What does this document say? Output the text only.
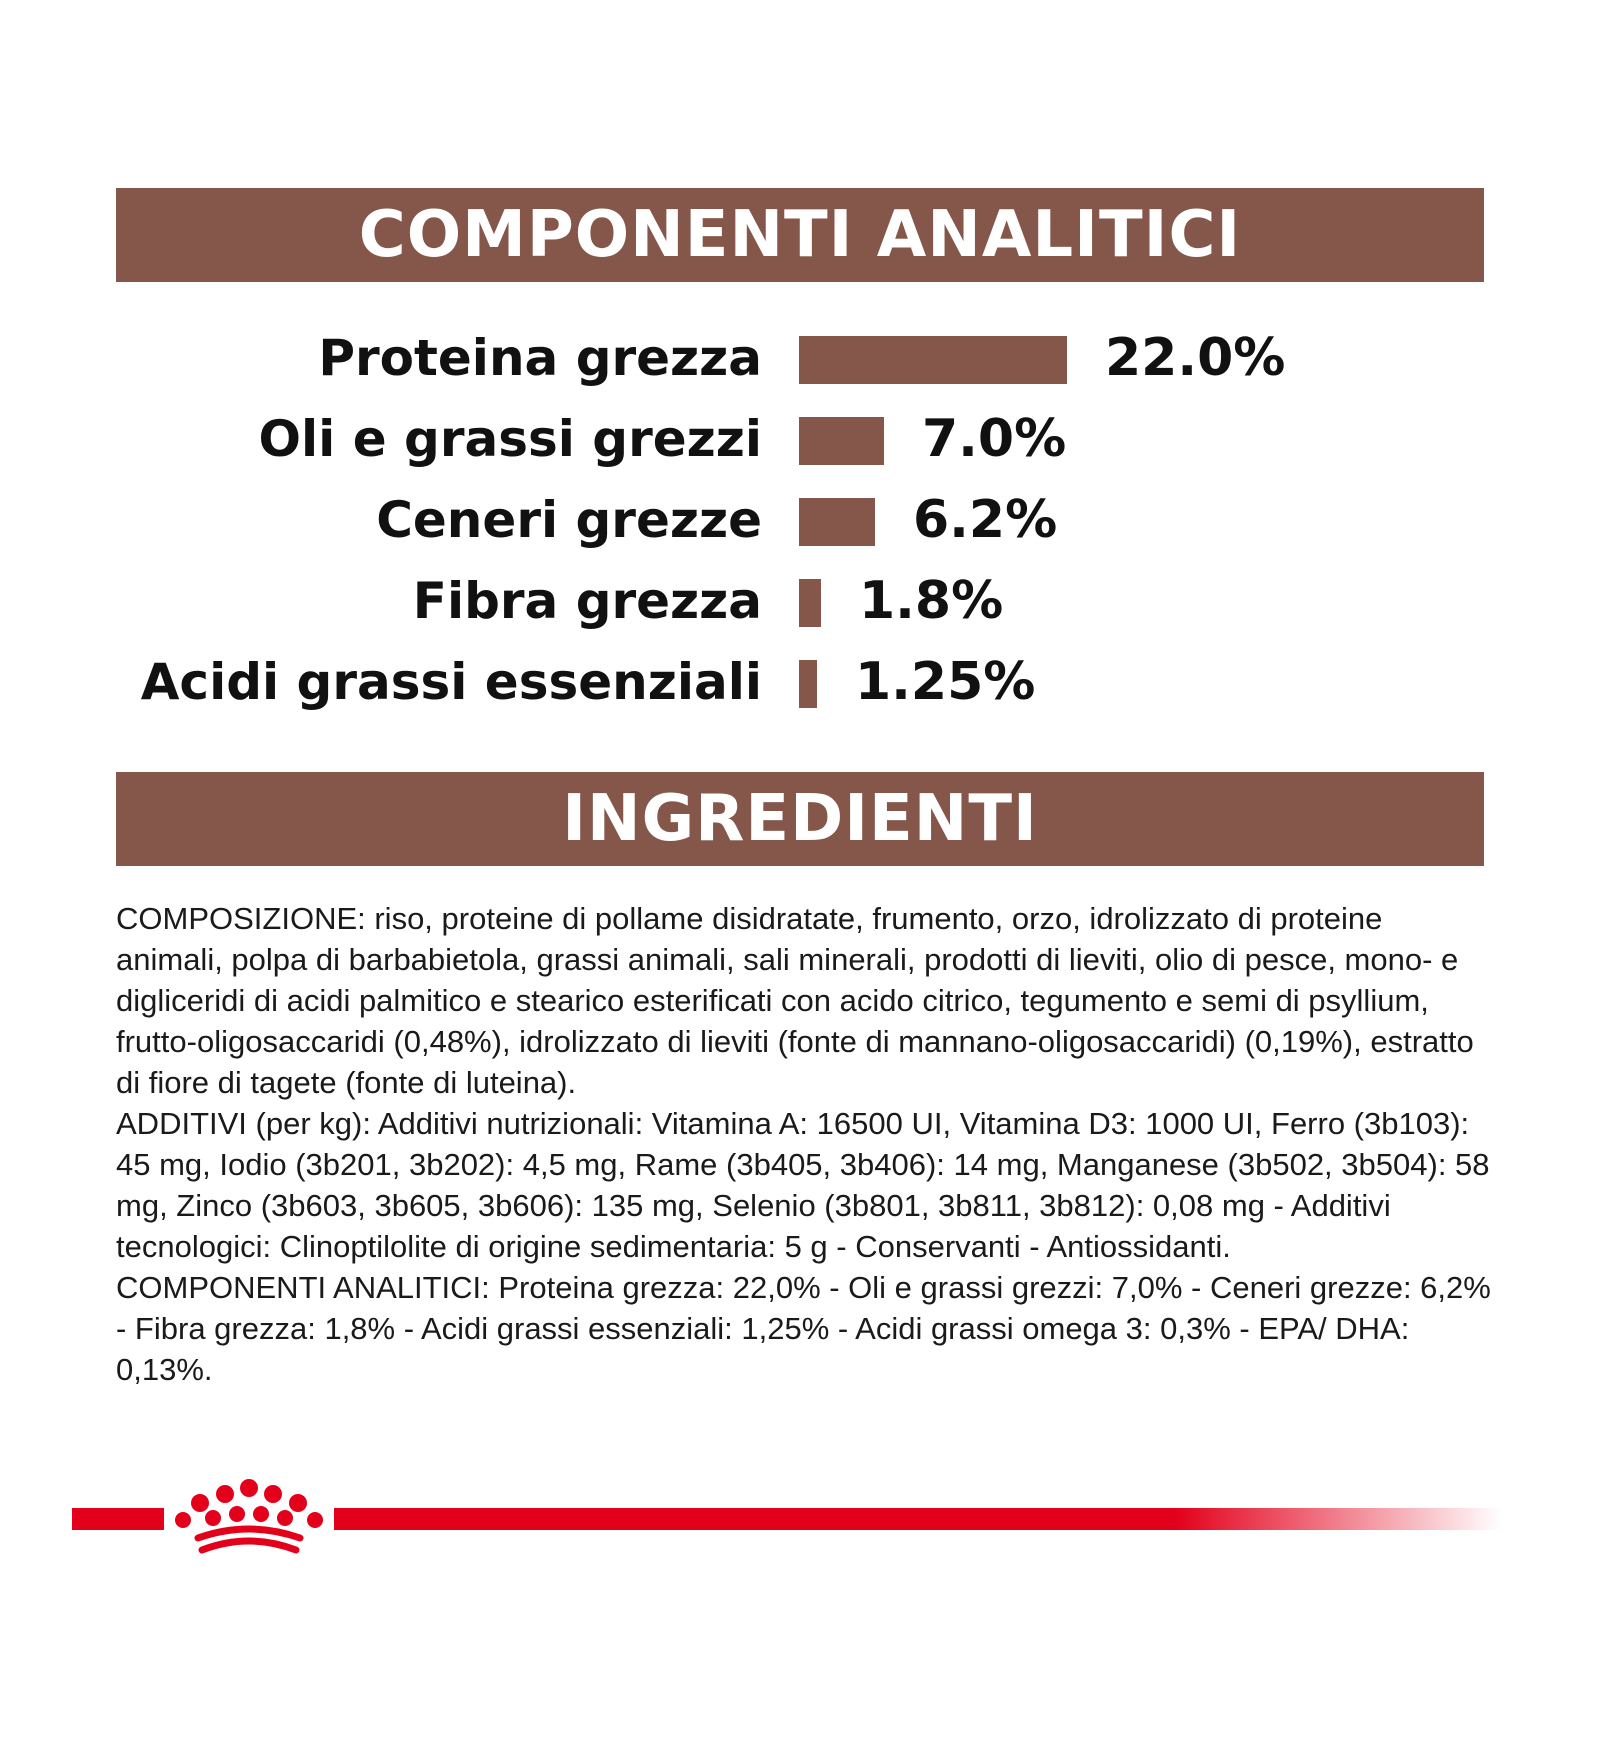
COMPONENTI ANALITICI
Proteina grezza	22.0%
Oli e grassi grezzi	7.0%
Ceneri grezze	6.2%
Fibra grezza 1.8%
Acidi grassi essenziali 1.25%
INGREDIENTI

COMPOSIZIONE: riso, proteine di pollame disidratate, frumento, orzo, idrolizzato di proteine animali, polpa di barbabietola, grassi animali, sali minerali, prodotti di lieviti, olio di pesce, mono- e digliceridi di acidi palmitico e stearico esterificati con acido citrico, tegumento e semi di psyllium, frutto-oligosaccaridi (0,48%), idrolizzato di lieviti (fonte di mannano-oligosaccaridi) (0,19%), estratto di fiore di tagete (fonte di luteina).

ADDITIVI (per kg): Additivi nutrizionali: Vitamina A: 16500 UI, Vitamina D3: 1000 UI, Ferro (3b103): 45 mg, Iodio (3b201, 3b202): 4,5 mg, Rame (3b405, 3b406): 14 mg, Manganese (3b502, 3b504): 58 mg, Zinco (3b603, 3b605, 3b606): 135 mg, Selenio (3b801, 3b811, 3b812): 0,08 mg - Additivi tecnologici: Clinoptilolite di origine sedimentaria: 5 g - Conservanti - Antiossidanti.

COMPONENTI ANALITICI: Proteina grezza: 22,0% - Oli e grassi grezzi: 7,0% - Ceneri grezze: 6,2% - Fibra grezza: 1,8% - Acidi grassi essenziali: 1,25% - Acidi grassi omega 3: 0,3% - EPA/ DHA: 0,13%.
